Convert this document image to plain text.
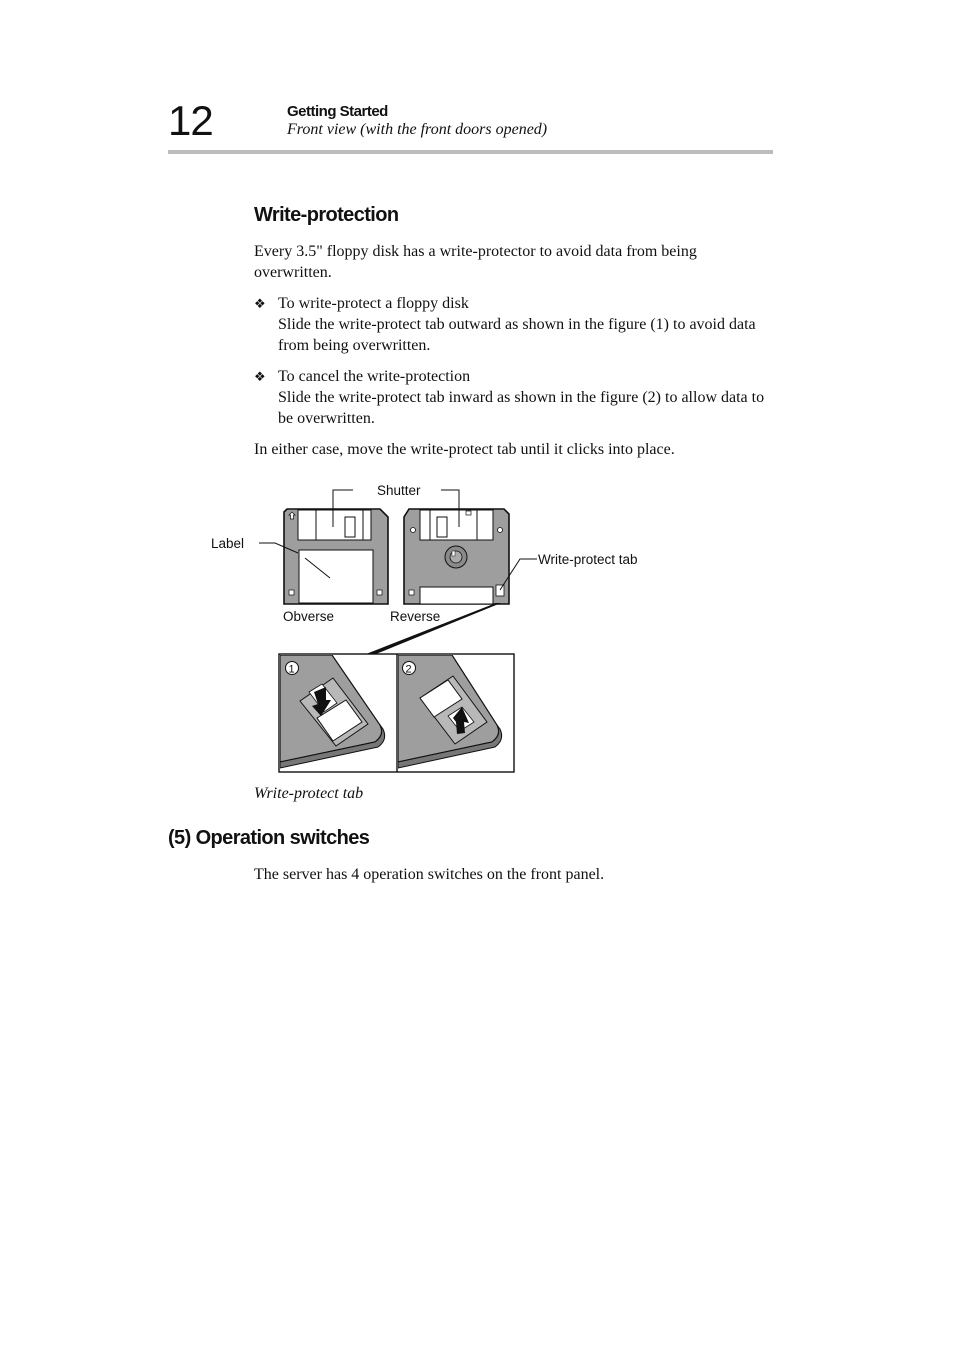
12	Getting Started
Front view (with the front doors opened)
Write-protection
Every 3.5" floppy disk has a write-protector to avoid data from being
overwritten.
❖ To write-protect a floppy disk
Slide the write-protect tab outward as shown in the figure (1) to avoid data
from being overwritten.
❖ To cancel the write-protection
Slide the write-protect tab inward as shown in the figure (2) to allow data to
be overwritten.
In either case, move the write-protect tab until it clicks into place.
Shutter
Label
Write-protect tab
Obverse	Reverse
1	2
Write-protect tab
(5) Operation switches
The server has 4 operation switches on the front panel.
